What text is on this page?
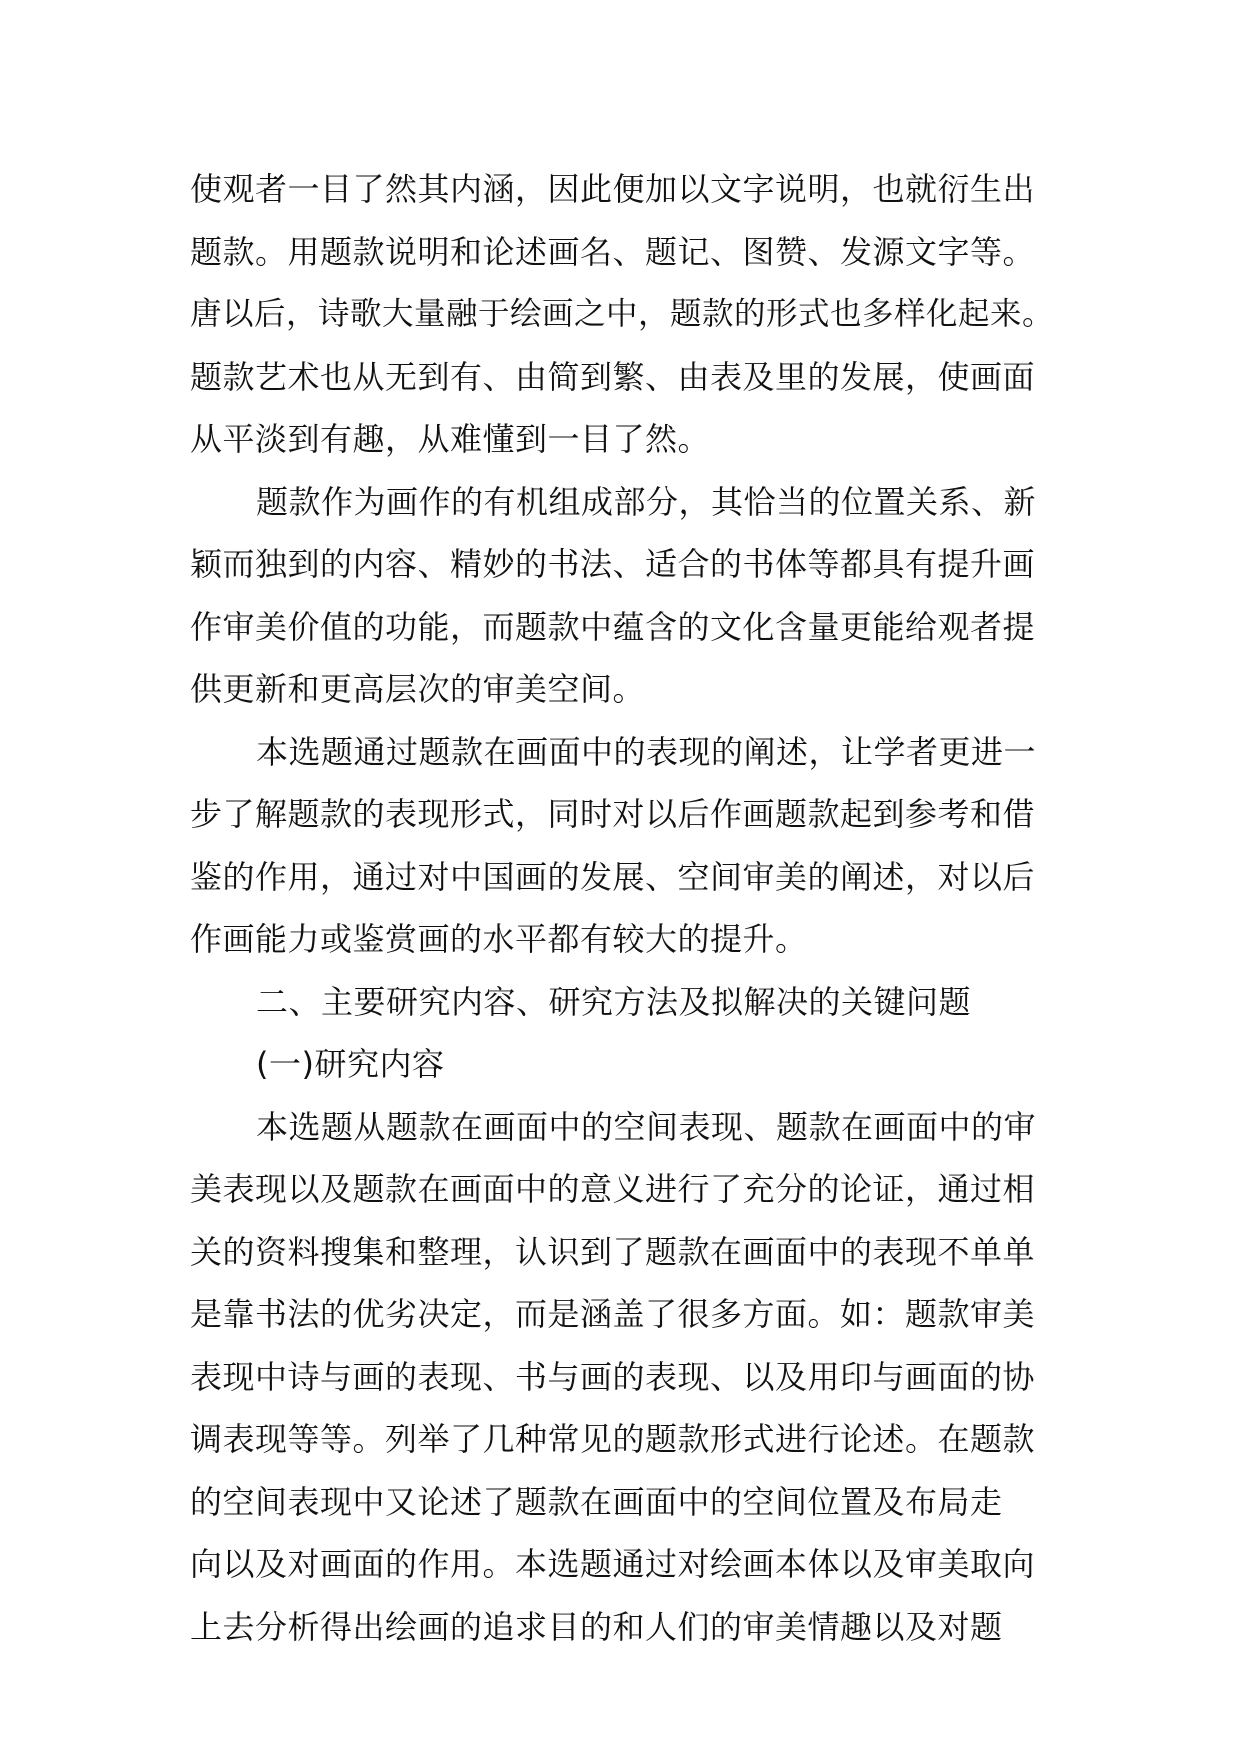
使观者一目了然其内涵，因此便加以文字说明，也就衍生出
题款。用题款说明和论述画名、题记、图赞、发源文字等。
唐以后，诗歌大量融于绘画之中，题款的形式也多样化起来。
题款艺术也从无到有、由简到繁、由表及里的发展，使画面
从平淡到有趣，从难懂到一目了然。
题款作为画作的有机组成部分，其恰当的位置关系、新
颖而独到的内容、精妙的书法、适合的书体等都具有提升画
作审美价值的功能，而题款中蕴含的文化含量更能给观者提
供更新和更高层次的审美空间。
本选题通过题款在画面中的表现的阐述，让学者更进一
步了解题款的表现形式，同时对以后作画题款起到参考和借
鉴的作用，通过对中国画的发展、空间审美的阐述，对以后
作画能力或鉴赏画的水平都有较大的提升。
二、主要研究内容、研究方法及拟解决的关键问题
(一)研究内容
本选题从题款在画面中的空间表现、题款在画面中的审
美表现以及题款在画面中的意义进行了充分的论证，通过相
关的资料搜集和整理，认识到了题款在画面中的表现不单单
是靠书法的优劣决定，而是涵盖了很多方面。如：题款审美
表现中诗与画的表现、书与画的表现、以及用印与画面的协
调表现等等。列举了几种常见的题款形式进行论述。在题款
的空间表现中又论述了题款在画面中的空间位置及布局走
向以及对画面的作用。本选题通过对绘画本体以及审美取向
上去分析得出绘画的追求目的和人们的审美情趣以及对题
